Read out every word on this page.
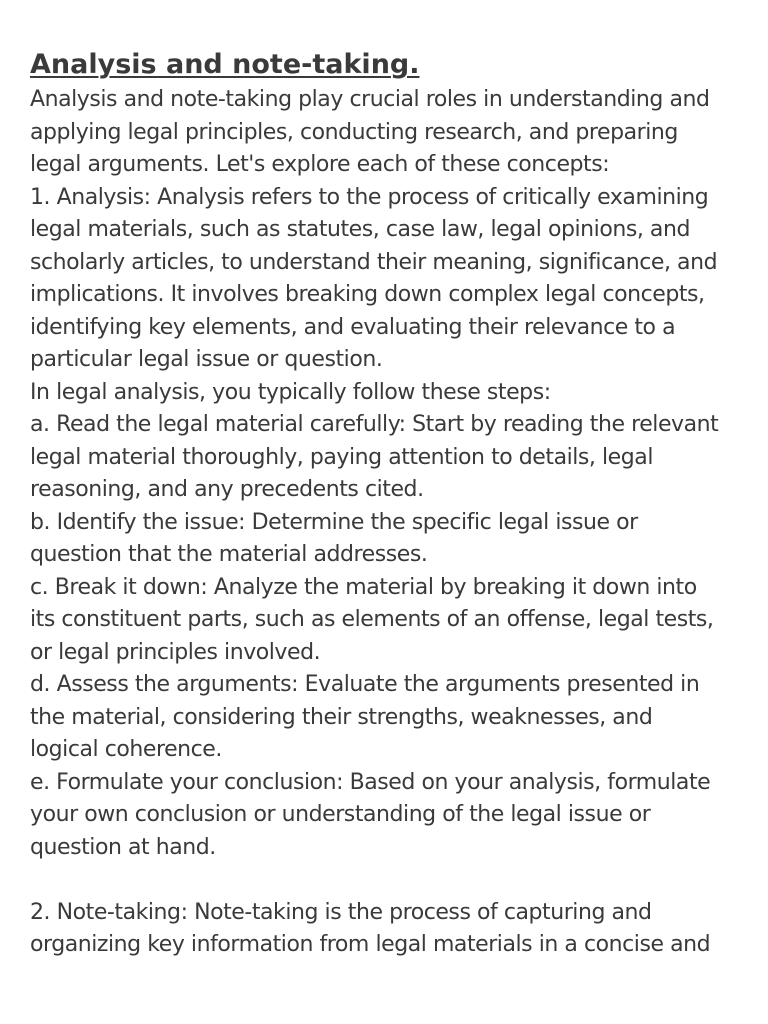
Analysis and note-taking.
Analysis and note-taking play crucial roles in understanding and
applying legal principles, conducting research, and preparing
legal arguments. Let's explore each of these concepts:
1. Analysis: Analysis refers to the process of critically examining
legal materials, such as statutes, case law, legal opinions, and
scholarly articles, to understand their meaning, significance, and
implications. It involves breaking down complex legal concepts,
identifying key elements, and evaluating their relevance to a
particular legal issue or question.
In legal analysis, you typically follow these steps:
a. Read the legal material carefully: Start by reading the relevant
legal material thoroughly, paying attention to details, legal
reasoning, and any precedents cited.
b. Identify the issue: Determine the specific legal issue or
question that the material addresses.
c. Break it down: Analyze the material by breaking it down into
its constituent parts, such as elements of an offense, legal tests,
or legal principles involved.
d. Assess the arguments: Evaluate the arguments presented in
the material, considering their strengths, weaknesses, and
logical coherence.
e. Formulate your conclusion: Based on your analysis, formulate
your own conclusion or understanding of the legal issue or
question at hand.
2. Note-taking: Note-taking is the process of capturing and
organizing key information from legal materials in a concise and
